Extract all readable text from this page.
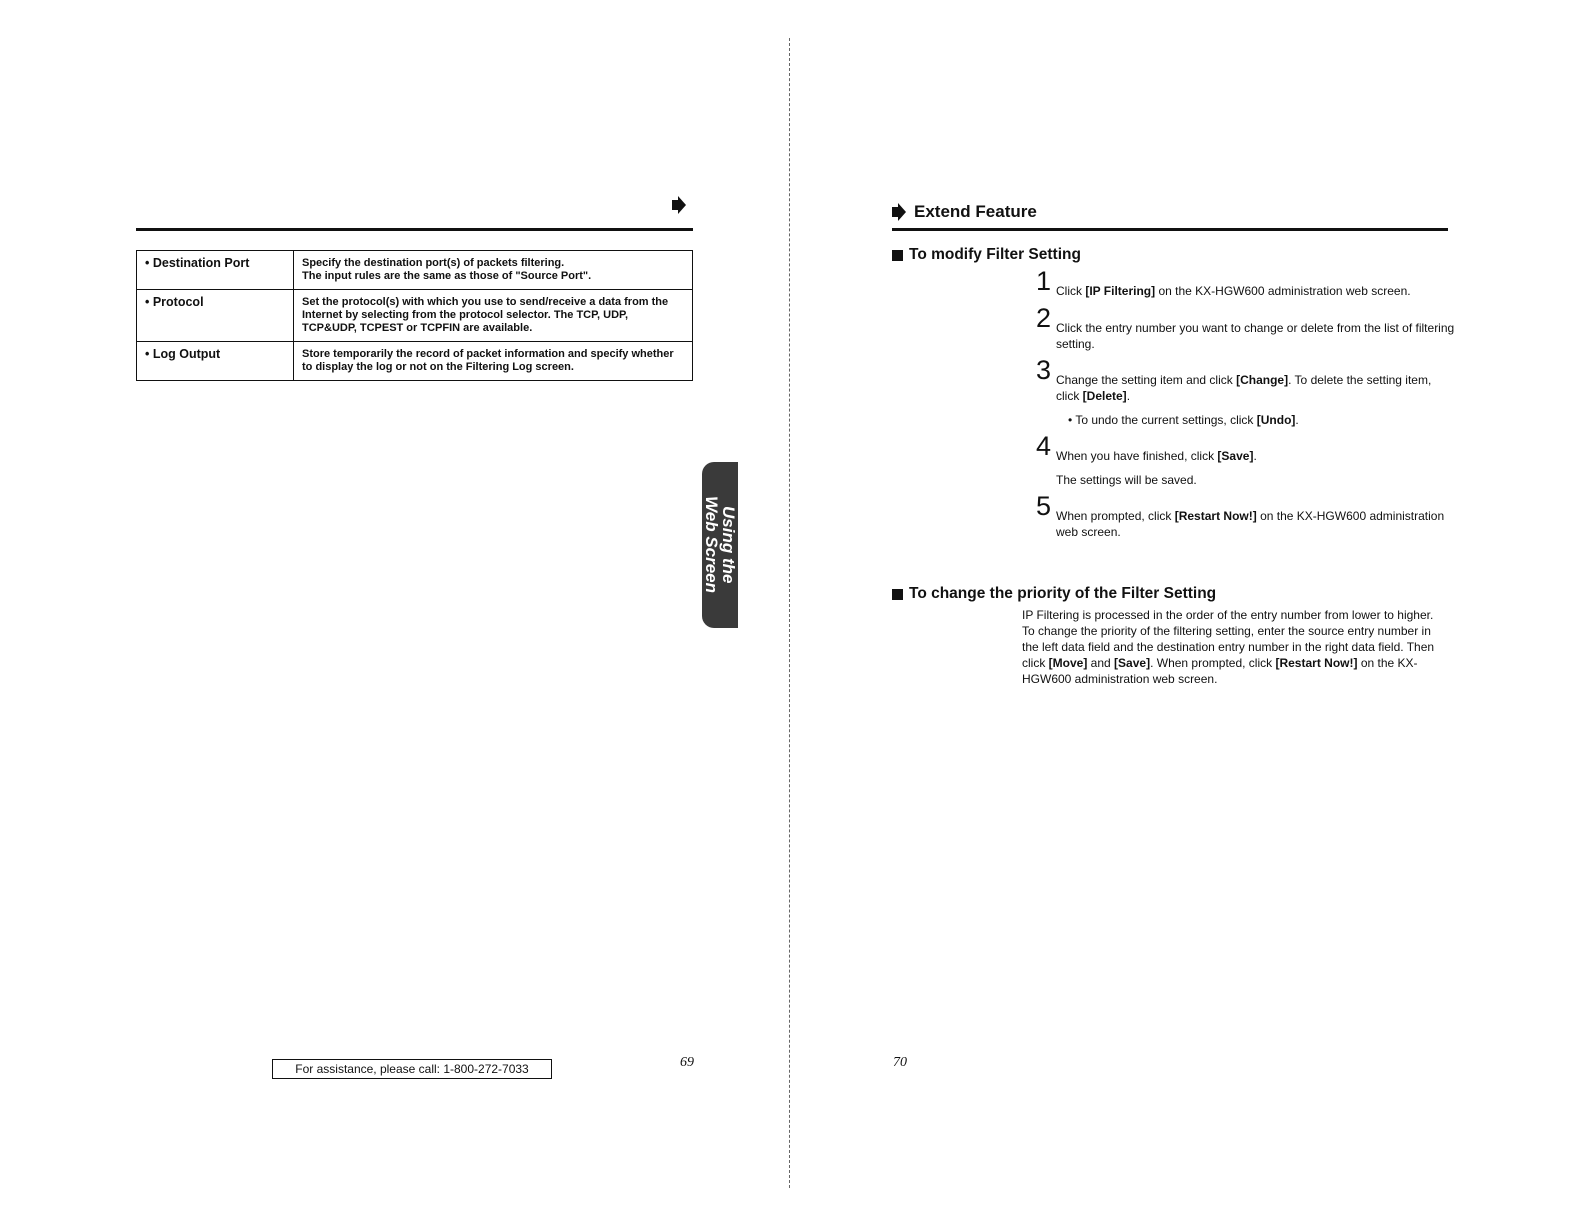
• Destination Port	Specify the destination port(s) of packets filtering.
The input rules are the same as those of "Source Port".
• Protocol	Set the protocol(s) with which you use to send/receive a data from the Internet by selecting from the protocol selector. The TCP, UDP, TCP&UDP, TCPEST or TCPFIN are available.
• Log Output	Store temporarily the record of packet information and specify whether to display the log or not on the Filtering Log screen.
Using the
Web Screen
For assistance, please call: 1-800-272-7033	69
Extend Feature
To modify Filter Setting
1 Click [IP Filtering] on the KX-HGW600 administration web screen.
2 Click the entry number you want to change or delete from the list of filtering setting.
3 Change the setting item and click [Change]. To delete the setting item, click [Delete].
• To undo the current settings, click [Undo].
4 When you have finished, click [Save].
The settings will be saved.
5 When prompted, click [Restart Now!] on the KX-HGW600 administration web screen.
To change the priority of the Filter Setting
IP Filtering is processed in the order of the entry number from lower to higher. To change the priority of the filtering setting, enter the source entry number in the left data field and the destination entry number in the right data field. Then click [Move] and [Save]. When prompted, click [Restart Now!] on the KX-HGW600 administration web screen.
70
